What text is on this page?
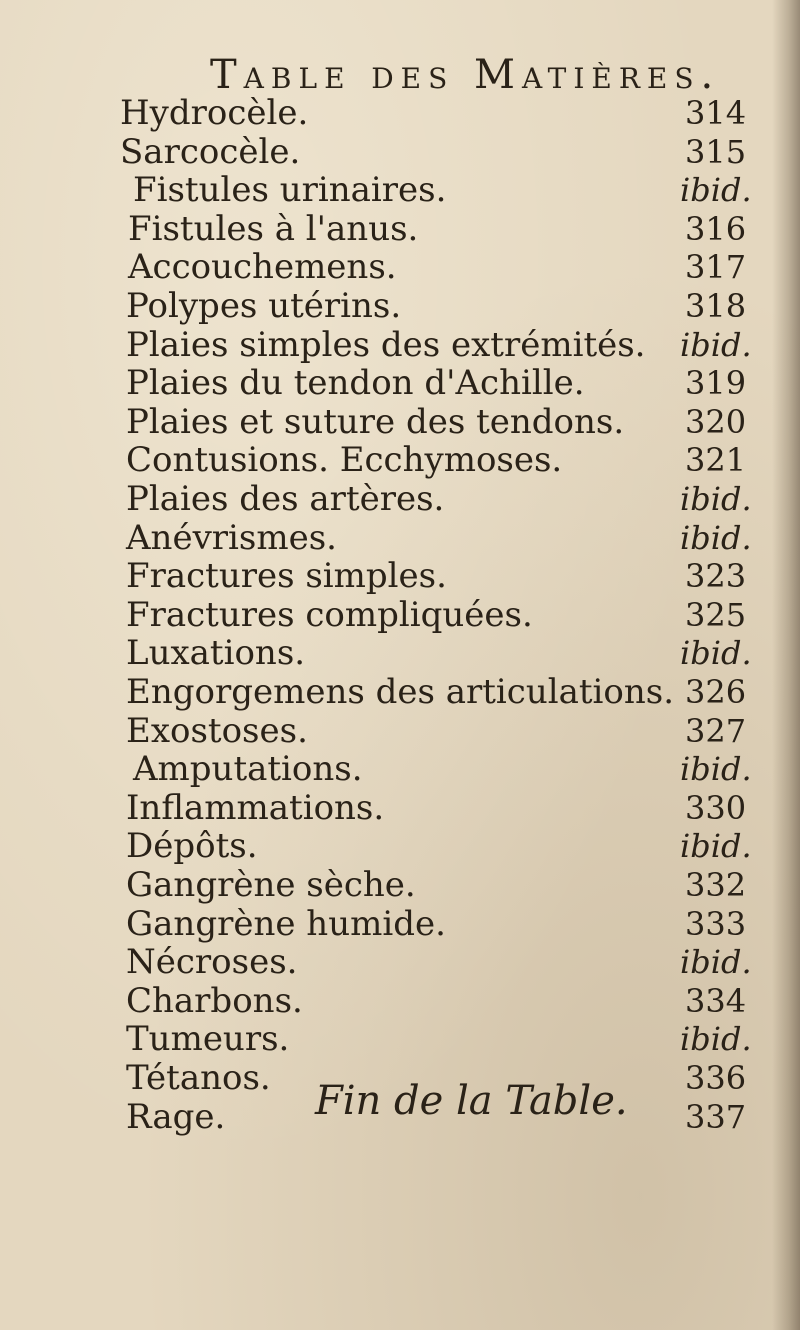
Table des Matières.
Hydrocèle.	314
Sarcocèle.	315
Fistules urinaires.	ibid.
Fistules à l'anus.	316
Accouchemens.	317
Polypes utérins.	318
Plaies simples des extrémités. ibid.
Plaies du tendon d'Achille.	319
Plaies et suture des tendons. 320
Contusions. Ecchymoses.	321
Plaies des artères.	ibid.
Anévrismes.	ibid.
Fractures simples.	323
Fractures compliquées.	325
Luxations.	ibid.
Engorgemens des articulations. 326
Exostoses.	327
Amputations.	ibid.
Inflammations.	330
Dépôts.	ibid.
Gangrène sèche.	332
Gangrène humide.	333
Nécroses.	ibid.
Charbons.	334
Tumeurs.	ibid.
Tétanos.	336
Rage.	337
Fin de la Table.
